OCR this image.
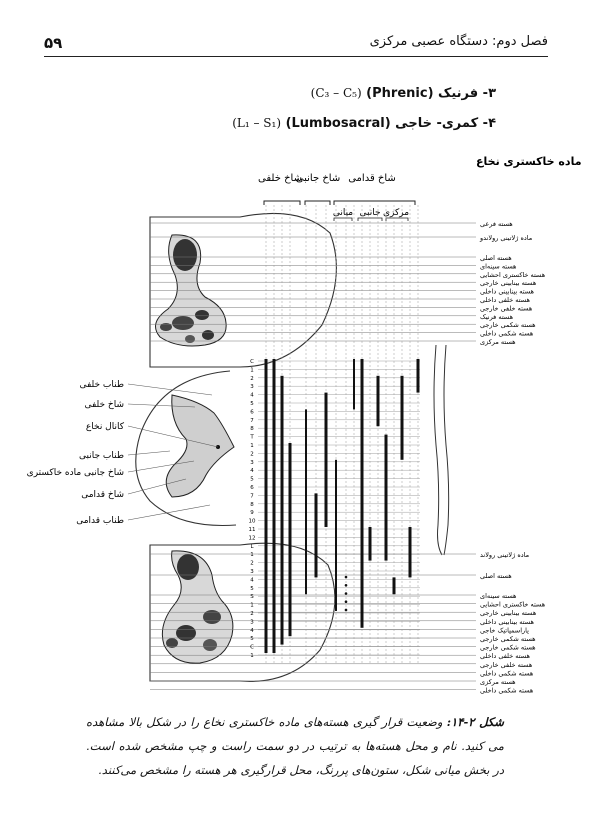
۵۹	فصل دوم: دستگاه عصبی مرکزی
۳- فرنیک (Phrenic) (C₃ – C₅)
۴- کمری- خاجی (Lumbosacral) (L₁ – S₁)
ماده خاکستری نخاع
شاخ خلفی
شاخ جانبی شاخ قدامی
میانی جانبی مرکزی
هسته فرعی
ماده ژلاتینی رولاندو
هسته اصلی
هسته سینه‌ای
هسته خاکستری احشایی
هسته بینابینی خارجی
هسته بینابینی داخلی
هسته خلفی داخلی
هسته خلفی خارجی
هسته فرنیک
هسته شکمی خارجی
هسته شکمی داخلی
هسته مرکزی
ماده ژلاتینی رولاند
هسته اصلی
هسته سینه‌ای
هسته خاکستری احشایی
هسته بینابینی خارجی
هسته بینابینی داخلی
پاراسمپاتیک خاجی
هسته شکمی خارجی
هسته شکمی خارجی
هسته خلفی داخلی
هسته خلفی خارجی
هسته شکمی داخلی
هسته مرکزی
هسته شکمی داخلی
C
1
2
3
4
5
6
7
8
T
1
2
3
4
5
6
7
8
9
10
11
12
L
1
2
3
4
5
S
1
2
3
4
5
C
1
طناب خلفی
شاخ خلفی
کانال نخاع
طناب جانبی
شاخ جانبی ماده خاکستری
شاخ قدامی
طناب قدامی
شکل ۲-۱۴: وضعیت قرار گیری هسته‌های ماده خاکستری نخاع را در شکل بالا مشاهده می کنید. نام و محل هسته‌ها به ترتیب در دو سمت راست و چپ مشخص شده است. در بخش میانی شکل، ستون‌های پررنگ، محل قرارگیری هر هسته را مشخص می‌کنند.
